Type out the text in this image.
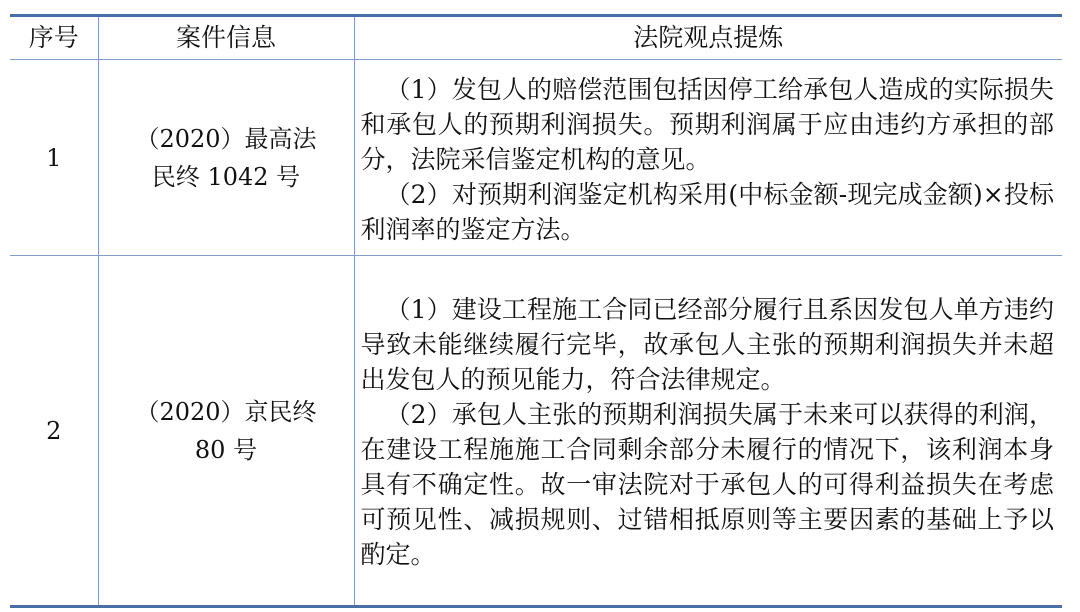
序号	案件信息	法院观点提炼
1	（2020）最高法民终 1042 号	（1）发包人的赔偿范围包括因停工给承包人造成的实际损失和承包人的预期利润损失。预期利润属于应由违约方承担的部分，法院采信鉴定机构的意见。

（2）对预期利润鉴定机构采用(中标金额-现完成金额)×投标利润率的鉴定方法。

2	（2020）京民终 80 号	（1）建设工程施工合同已经部分履行且系因发包人单方违约导致未能继续履行完毕，故承包人主张的预期利润损失并未超出发包人的预见能力，符合法律规定。

（2）承包人主张的预期利润损失属于未来可以获得的利润，在建设工程施施工合同剩余部分未履行的情况下，该利润本身具有不确定性。故一审法院对于承包人的可得利益损失在考虑可预见性、减损规则、过错相抵原则等主要因素的基础上予以酌定。
